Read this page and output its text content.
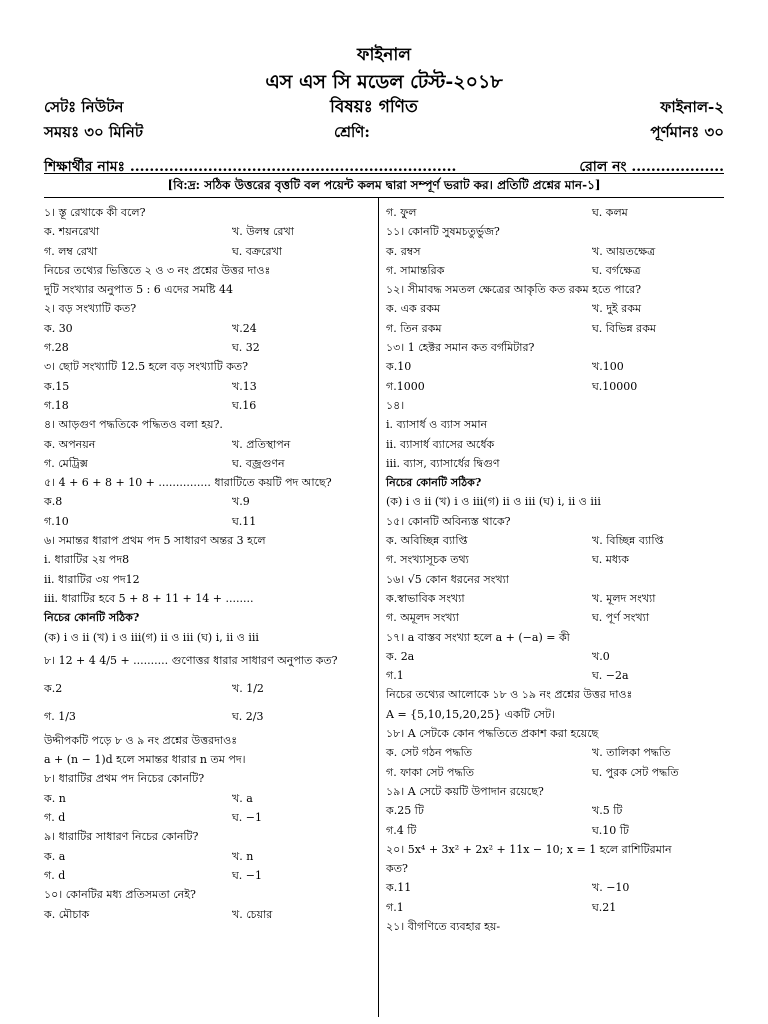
ফাইনাল
এস এস সি মডেল টেস্ট-২০১৮
সেটঃ নিউটন	বিষয়ঃ গণিত	ফাইনাল-২
সময়ঃ ৩০ মিনিট	শ্রেণি:	পূর্ণমানঃ ৩০
শিক্ষার্থীর নামঃ ...................................................................	রোল নং ...................
[বি:দ্র: সঠিক উত্তরের বৃত্তটি বল পয়েন্ট কলম দ্বারা সম্পূর্ণ ভরাট কর। প্রতিটি প্রশ্নের মান-১]
১। স্তূ রেখাকে কী বলে?
ক. শয়নরেখা	খ. উলম্ব রেখা
গ. লম্ব রেখা	ঘ. বক্ররেখা
নিচের তথ্যের ভিত্তিতে ২ ও ৩ নং প্রশ্নের উত্তর দাওঃ
দুটি সংখ্যার অনুপাত 5 : 6 এদের সমষ্টি 44
২। বড় সংখ্যাটি কত?
ক. 30	খ.24
গ.28	ঘ. 32
৩। ছোট সংখ্যাটি 12.5 হলে বড় সংখ্যাটি কত?
ক.15	খ.13
গ.18	ঘ.16
৪। আড়গুণ পদ্ধতিকে পদ্ধিতও বলা হয়?.
ক. অপনয়ন	খ. প্রতিস্থাপন
গ. মেট্রিক্স	ঘ. বজ্রগুণন
৫। 4 + 6 + 8 + 10 + ............... ধারাটিতে কয়টি পদ আছে?
ক.8	খ.9
গ.10	ঘ.11
৬। সমান্তর ধারাপ প্রথম পদ 5 সাধারণ অন্তর 3 হলে
i. ধারাটির ২য় পদ8
ii. ধারাটির ৩য় পদ12
iii. ধারাটির হবে 5 + 8 + 11 + 14 + ........
নিচের কোনটি সঠিক?
(ক) i ও ii (খ) i ও iii(গ) ii ও iii (ঘ) i, ii ও iii
৮। 12 + 4 4/5 + .......... গুণোত্তর ধারার সাধারণ অনুপাত কত?
ক.2	খ. 1/2
গ. 1/3	ঘ. 2/3
উদ্দীপকটি পড়ে ৮ ও ৯ নং প্রশ্নের উত্তরদাওঃ
a + (n − 1)d হলে সমান্তর ধারার n তম পদ।
৮। ধারাটির প্রথম পদ নিচের কোনটি?
ক. n	খ. a
গ. d	ঘ. −1
৯। ধারাটির সাধারণ নিচের কোনটি?
ক. a	খ. n
গ. d	ঘ. −1
১০। কোনটির মধ্য প্রতিসমতা নেই?
ক. মৌচাক	খ. চেয়ার
গ. ফুল	ঘ. কলম
১১। কোনটি সুষমচতুর্ভুজ?
ক. রম্বস	খ. আয়তক্ষেত্র
গ. সামান্তরিক	ঘ. বর্গক্ষেত্র
১২। সীমাবদ্ধ সমতল ক্ষেত্রের আকৃতি কত রকম হতে পারে?
ক. এক রকম	খ. দুই রকম
গ. তিন রকম	ঘ. বিভিন্ন রকম
১৩। 1 হেক্টর সমান কত বর্গমিটার?
ক.10	খ.100
গ.1000	ঘ.10000
১৪।
i. ব্যাসার্ধ ও ব্যাস সমান
ii. ব্যাসার্ধ ব্যাসের অর্ধেক
iii. ব্যাস, ব্যাসার্ধের দ্বিগুণ
নিচের কোনটি সঠিক?
(ক) i ও ii (খ) i ও iii(গ) ii ও iii (ঘ) i, ii ও iii
১৫। কোনটি অবিন্যস্ত থাকে?
ক. অবিচ্ছিন্ন ব্যাপ্তি	খ. বিচ্ছিন্ন ব্যাপ্তি
গ. সংখ্যাসূচক তথ্য	ঘ. মধ্যক
১৬। √5 কোন ধরনের সংখ্যা
ক.স্বাভাবিক সংখ্যা	খ. মূলদ সংখ্যা
গ. অমূলদ সংখ্যা	ঘ. পূর্ণ সংখ্যা
১৭। a বাস্তব সংখ্যা হলে a + (−a) = কী
ক. 2a	খ.0
গ.1	ঘ. −2a
নিচের তথ্যের আলোকে ১৮ ও ১৯ নং প্রশ্নের উত্তর দাওঃ
A = {5,10,15,20,25} একটি সেট।
১৮। A সেটকে কোন পদ্ধতিতে প্রকাশ করা হয়েছে
ক. সেট গঠন পদ্ধতি	খ. তালিকা পদ্ধতি
গ. ফাকা সেট পদ্ধতি	ঘ. পুরক সেট পদ্ধতি
১৯। A সেটে কয়টি উপাদান রয়েছে?
ক.25 টি	খ.5 টি
গ.4 টি	ঘ.10 টি
২০। 5x⁴ + 3x² + 2x² + 11x − 10; x = 1 হলে রাশিটিরমান
কত?
ক.11	খ. −10
গ.1	ঘ.21
২১। বীগণিতে ব্যবহার হয়-
